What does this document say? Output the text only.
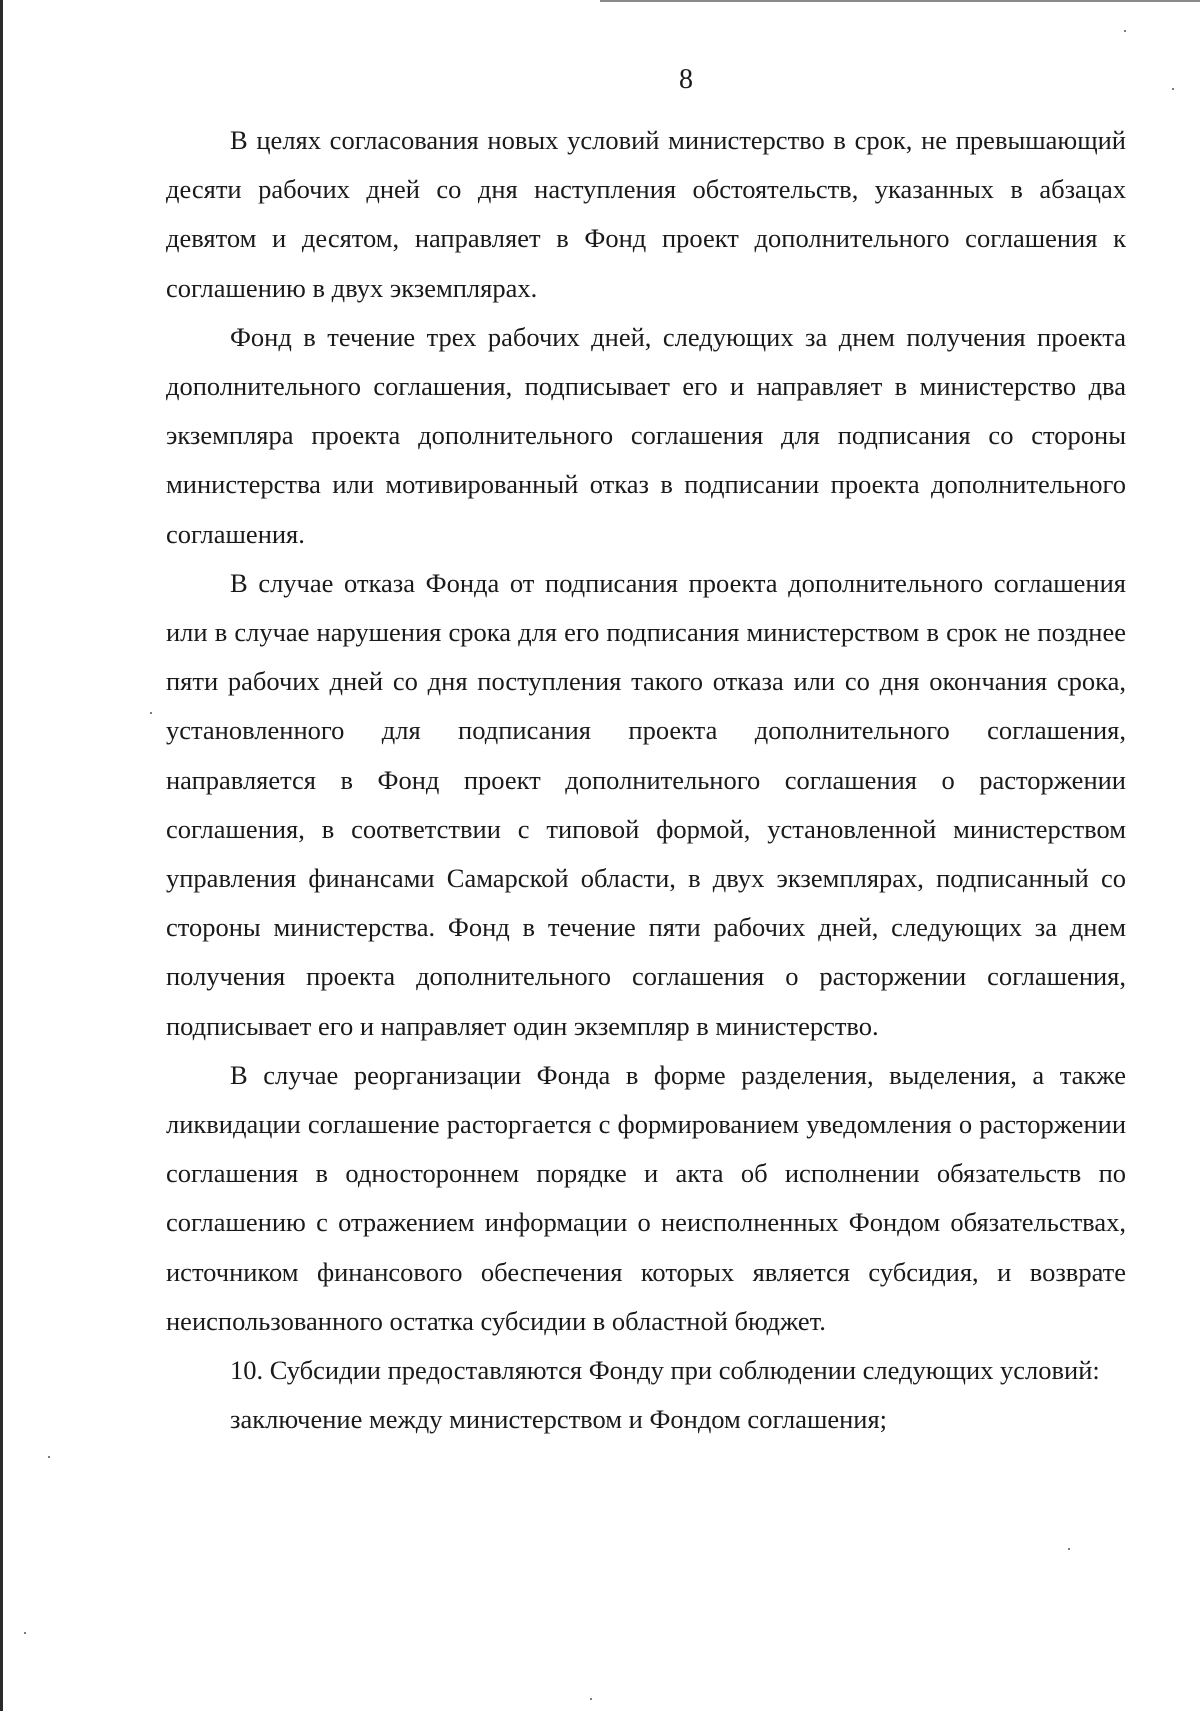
8

В целях согласования новых условий министерство в срок, не превышающий десяти рабочих дней со дня наступления обстоятельств, указанных в абзацах девятом и десятом, направляет в Фонд проект дополнительного соглашения к соглашению в двух экземплярах.

Фонд в течение трех рабочих дней, следующих за днем получения проекта дополнительного соглашения, подписывает его и направляет в министерство два экземпляра проекта дополнительного соглашения для подписания со стороны министерства или мотивированный отказ в подписании проекта дополнительного соглашения.

В случае отказа Фонда от подписания проекта дополнительного соглашения или в случае нарушения срока для его подписания министерством в срок не позднее пяти рабочих дней со дня поступления такого отказа или со дня окончания срока, установленного для подписания проекта дополнительного соглашения, направляется в Фонд проект дополнительного соглашения о расторжении соглашения, в соответствии с типовой формой, установленной министерством управления финансами Самарской области, в двух экземплярах, подписанный со стороны министерства. Фонд в течение пяти рабочих дней, следующих за днем получения проекта дополнительного соглашения о расторжении соглашения, подписывает его и направляет один экземпляр в министерство.

В случае реорганизации Фонда в форме разделения, выделения, а также ликвидации соглашение расторгается с формированием уведомления о расторжении соглашения в одностороннем порядке и акта об исполнении обязательств по соглашению с отражением информации о неисполненных Фондом обязательствах, источником финансового обеспечения которых является субсидия, и возврате неиспользованного остатка субсидии в областной бюджет.

10. Субсидии предоставляются Фонду при соблюдении следующих условий:

заключение между министерством и Фондом соглашения;
